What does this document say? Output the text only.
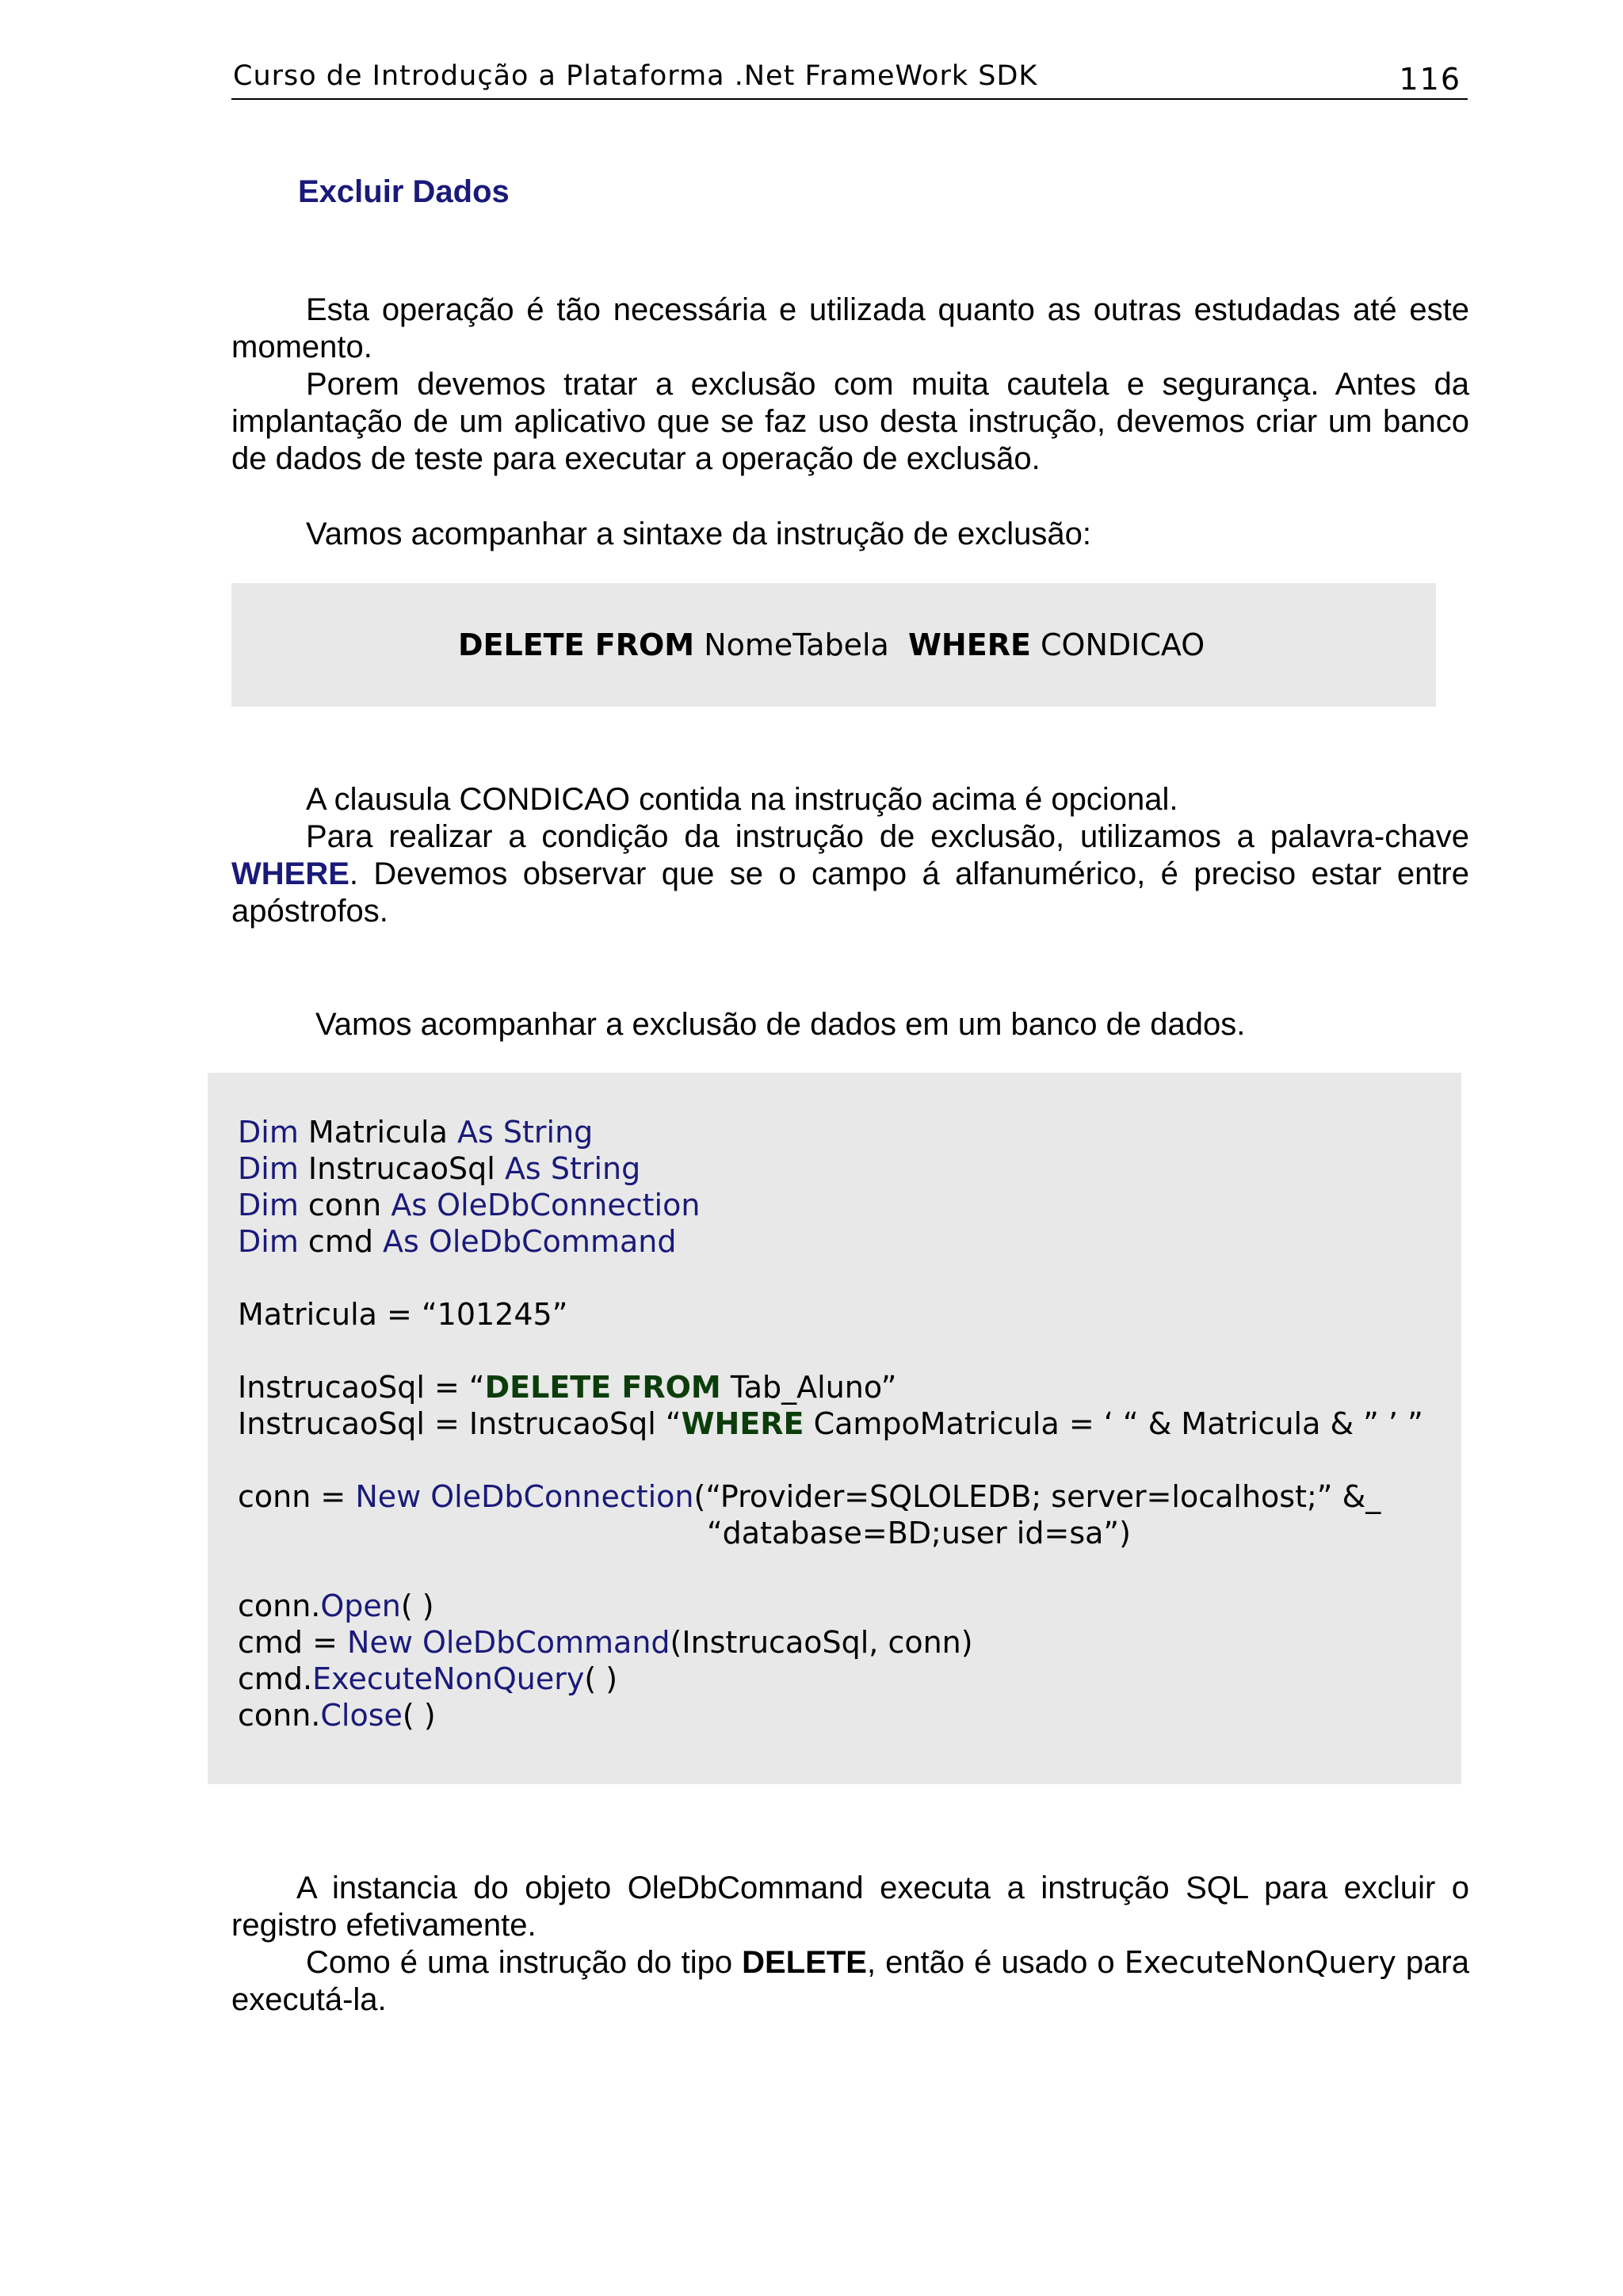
Curso de Introdução a Plataforma .Net FrameWork SDK	116
Excluir Dados
Esta operação é tão necessária e utilizada quanto as outras estudadas até este momento.
Porem devemos tratar a exclusão com muita cautela e segurança. Antes da implantação de um aplicativo que se faz uso desta instrução, devemos criar um banco de dados de teste para executar a operação de exclusão.
Vamos acompanhar a sintaxe da instrução de exclusão:
DELETE FROM NomeTabela WHERE CONDICAO
A clausula CONDICAO contida na instrução acima é opcional.
Para realizar a condição da instrução de exclusão, utilizamos a palavra-chave WHERE. Devemos observar que se o campo á alfanumérico, é preciso estar entre apóstrofos.
Vamos acompanhar a exclusão de dados em um banco de dados.
Dim Matricula As String
Dim InstrucaoSql As String
Dim conn As OleDbConnection
Dim cmd As OleDbCommand
Matricula = “101245”
InstrucaoSql = “DELETE FROM Tab_Aluno”
InstrucaoSql = InstrucaoSql “WHERE CampoMatricula = ‘ “ & Matricula & ” ’ ”
conn = New OleDbConnection(“Provider=SQLOLEDB; server=localhost;” &_
“database=BD;user id=sa”)
conn.Open( )
cmd = New OleDbCommand(InstrucaoSql, conn)
cmd.ExecuteNonQuery( )
conn.Close( )
A instancia do objeto OleDbCommand executa a instrução SQL para excluir o registro efetivamente.
Como é uma instrução do tipo DELETE, então é usado o ExecuteNonQuery para executá-la.
